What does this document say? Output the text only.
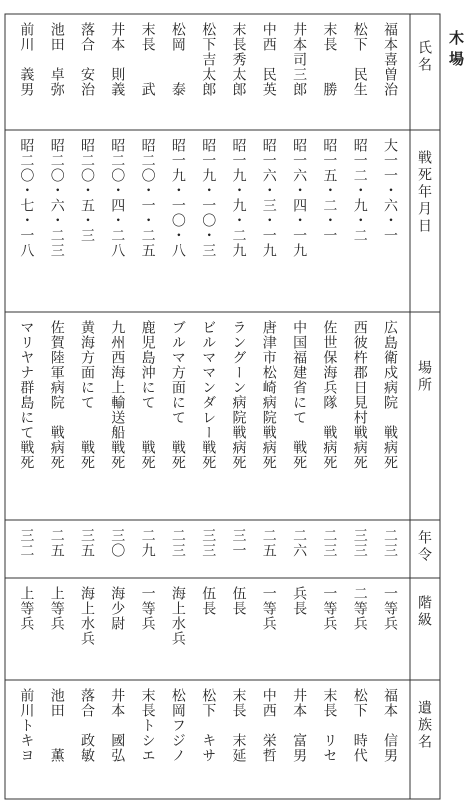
木場
氏名
戦死年月日
場所
年令
階級
遺族名
福本喜曽治
大一一・六・一
広島衛戍病院　戦病死
二三
一等兵
福本　信男
松下　民生
昭一二・九・二
西彼杵郡日見村戦病死
三三
二等兵
松下　時代
末長　　勝
昭一五・二・一
佐世保海兵隊　戦病死
二三
一等兵
末長　リセ
井本司三郎
昭一六・四・一九
中国福建省にて　戦死
二六
兵長
井本　富男
中西　民英
昭一六・三・一九
唐津市松崎病院戦病死
二五
一等兵
中西　栄哲
末長秀太郎
昭一九・九・二九
ラングーン病院戦病死
三一
伍長
末長　末延
松下吉太郎
昭一九・一〇・三
ビルママンダレー戦死
三三
伍長
松下　キサ
松岡　　泰
昭一九・一〇・八
ブルマ方面にて　戦死
二三
海上水兵
松岡フジノ
末長　　武
昭二〇・一・二五
鹿児島沖にて　　戦死
二九
一等兵
末長トシエ
井本　則義
昭二〇・四・二八
九州西海上輸送船戦死
三〇
海少尉
井本　國弘
落合　安治
昭二〇・五・三
黄海方面にて　　戦死
三五
海上水兵
落合　政敏
池田　卓弥
昭二〇・六・二三
佐賀陸軍病院　戦病死
二五
上等兵
池田　　薫
前川　義男
昭二〇・七・一八
マリヤナ群島にて戦死
三二
上等兵
前川トキヨ
